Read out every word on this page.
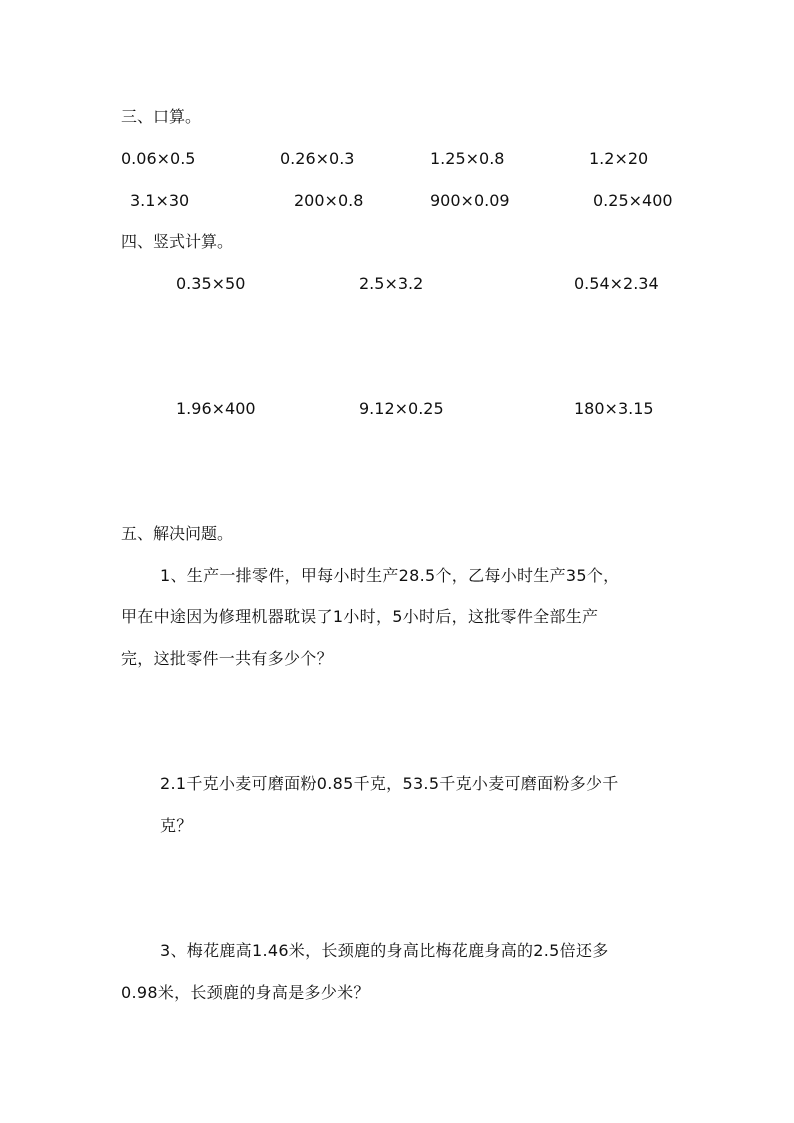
三、口算。
0.06×0.5	0.26×0.3	1.25×0.8	1.2×20
3.1×30	200×0.8	900×0.09	0.25×400
四、竖式计算。
0.35×50	2.5×3.2	0.54×2.34
1.96×400	9.12×0.25	180×3.15
五、解决问题。
1、生产一排零件，甲每小时生产28.5个，乙每小时生产35个，
甲在中途因为修理机器耽误了1小时，5小时后，这批零件全部生产
完，这批零件一共有多少个？
2.1千克小麦可磨面粉0.85千克，53.5千克小麦可磨面粉多少千
克？
3、梅花鹿高1.46米，长颈鹿的身高比梅花鹿身高的2.5倍还多
0.98米，长颈鹿的身高是多少米？
